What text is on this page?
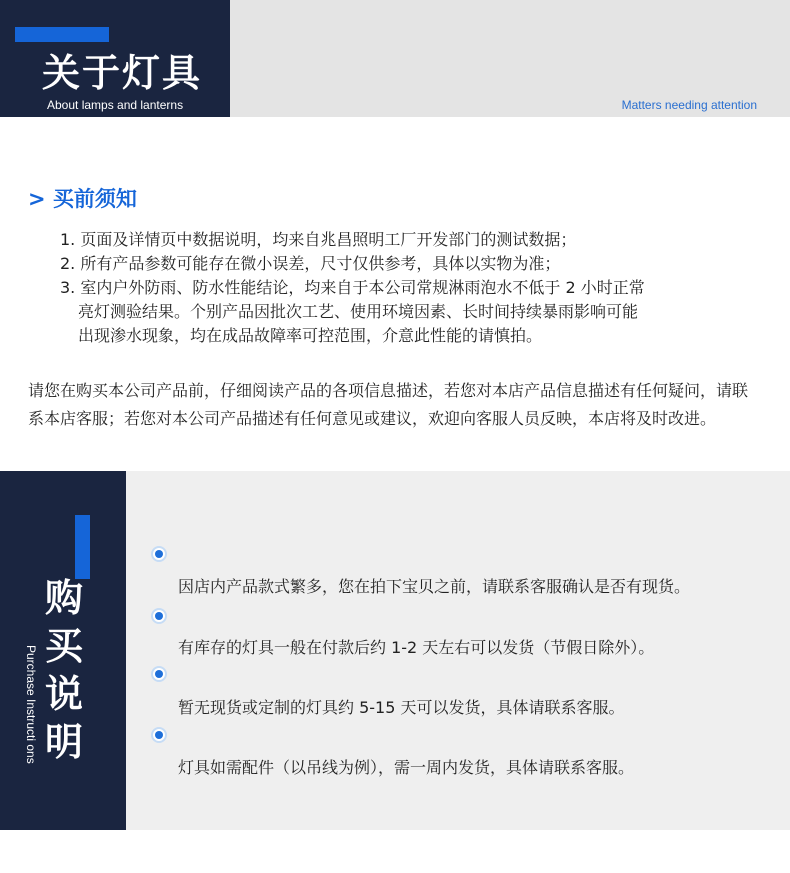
关于灯具
About lamps and lanterns	Matters needing attention
> 买前须知
1. 页面及详情页中数据说明，均来自兆昌照明工厂开发部门的测试数据；
2. 所有产品参数可能存在微小误差，尺寸仅供参考，具体以实物为准；
3. 室内户外防雨、防水性能结论，均来自于本公司常规淋雨泡水不低于 2 小时正常
亮灯测验结果。个别产品因批次工艺、使用环境因素、长时间持续暴雨影响可能
出现渗水现象，均在成品故障率可控范围，介意此性能的请慎拍。
请您在购买本公司产品前，仔细阅读产品的各项信息描述，若您对本店产品信息描述有任何疑问，请联系本店客服；若您对本公司产品描述有任何意见或建议，欢迎向客服人员反映，本店将及时改进。
购买说明
Purchase Instructi ons
因店内产品款式繁多，您在拍下宝贝之前，请联系客服确认是否有现货。
有库存的灯具一般在付款后约 1-2 天左右可以发货（节假日除外）。
暂无现货或定制的灯具约 5-15 天可以发货，具体请联系客服。
灯具如需配件（以吊线为例），需一周内发货，具体请联系客服。
